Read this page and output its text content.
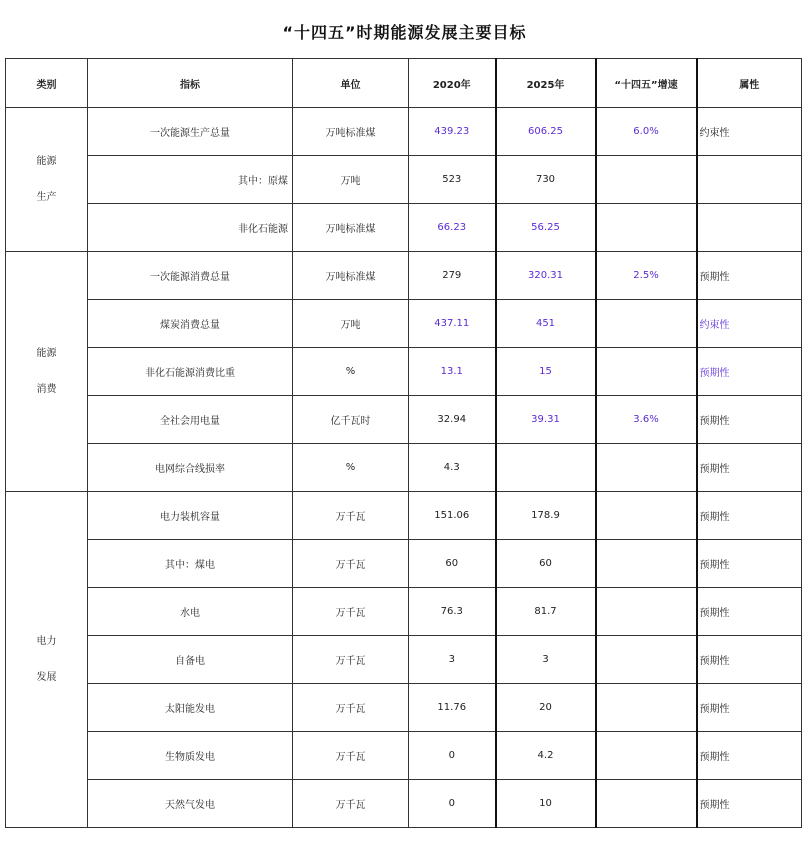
“十四五”时期能源发展主要目标
类别	指标	单位	2020年	2025年	“十四五”增速	属性

能源
生产	一次能源生产总量	万吨标准煤	439.23	606.25	6.0%	约束性
	其中：原煤	万吨	523	730		
	非化石能源	万吨标准煤	66.23	56.25		

能源
消费	一次能源消费总量	万吨标准煤	279	320.31	2.5%	预期性
	煤炭消费总量	万吨	437.11	451		约束性
	非化石能源消费比重	%	13.1	15		预期性
	全社会用电量	亿千瓦时	32.94	39.31	3.6%	预期性
	电网综合线损率	%	4.3			预期性

电力
发展	电力装机容量	万千瓦	151.06	178.9		预期性
	其中：煤电	万千瓦	60	60		预期性
	水电	万千瓦	76.3	81.7		预期性
	自备电	万千瓦	3	3		预期性
	太阳能发电	万千瓦	11.76	20		预期性
	生物质发电	万千瓦	0	4.2		预期性
	天然气发电	万千瓦	0	10		预期性
